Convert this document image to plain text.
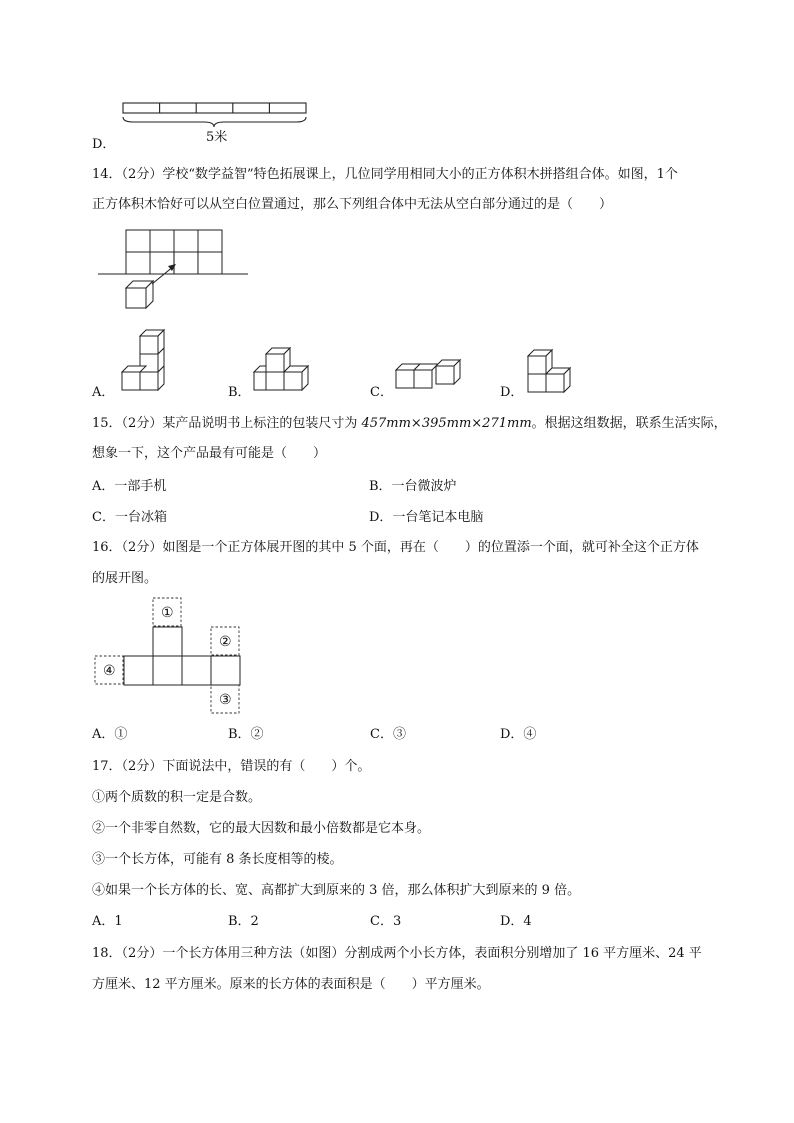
D．	5米
14．（2分）学校“数学益智”特色拓展课上，几位同学用相同大小的正方体积木拼搭组合体。如图，1个
正方体积木恰好可以从空白位置通过，那么下列组合体中无法从空白部分通过的是（　　）
A．	B．	C．	D．
15．（2分）某产品说明书上标注的包装尺寸为 457mm×395mm×271mm。根据这组数据，联系生活实际，
想象一下，这个产品最有可能是（　　）
A．一部手机	B．一台微波炉
C．一台冰箱	D．一台笔记本电脑
16．（2分）如图是一个正方体展开图的其中 5 个面，再在（　　）的位置添一个面，就可补全这个正方体
的展开图。
①
②
③
④
A．①	B．②	C．③	D．④
17．（2分）下面说法中，错误的有（　　）个。
①两个质数的积一定是合数。
②一个非零自然数，它的最大因数和最小倍数都是它本身。
③一个长方体，可能有 8 条长度相等的棱。
④如果一个长方体的长、宽、高都扩大到原来的 3 倍，那么体积扩大到原来的 9 倍。
A．1	B．2	C．3	D．4
18．（2分）一个长方体用三种方法（如图）分割成两个小长方体，表面积分别增加了 16 平方厘米、24 平
方厘米、12 平方厘米。原来的长方体的表面积是（　　）平方厘米。
